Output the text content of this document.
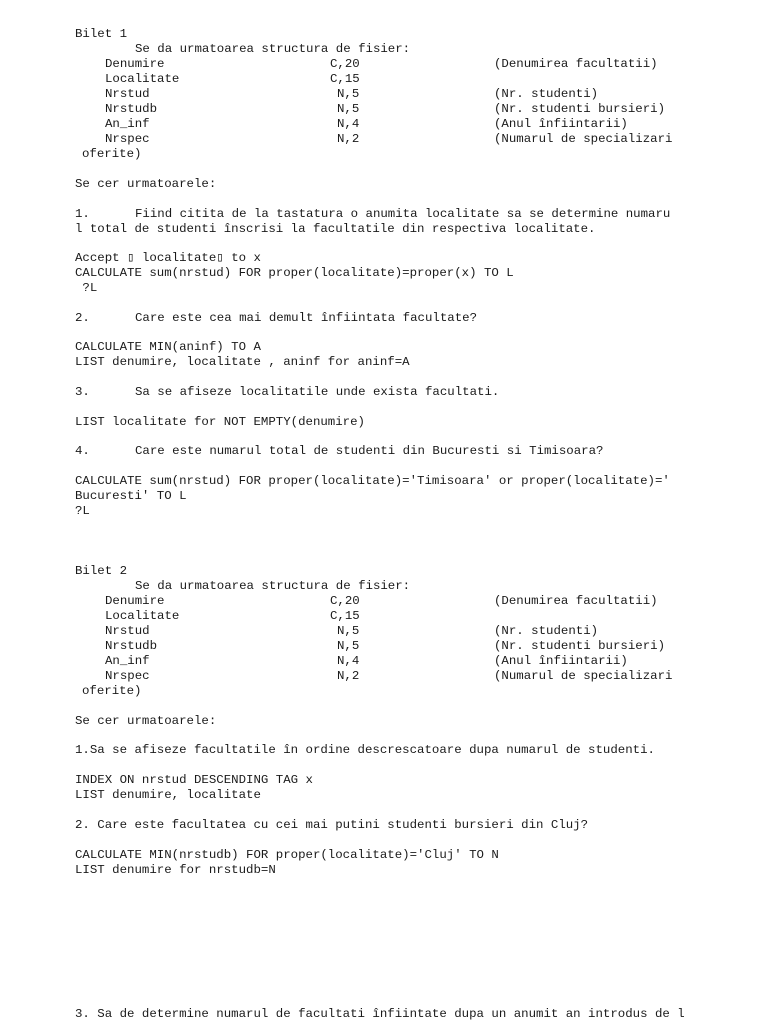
Bilet 1
Se da urmatoarea structura de fisier:
Denumire	C,20	(Denumirea facultatii)
Localitate	C,15
Nrstud	N,5	(Nr. studenti)
Nrstudb	N,5	(Nr. studenti bursieri)
An_inf	N,4	(Anul înfiintarii)
Nrspec	N,2	(Numarul de specializari
oferite)
Se cer urmatoarele:
1.	Fiind citita de la tastatura o anumita localitate sa se determine numaru
l total de studenti înscrisi la facultatile din respectiva localitate.
Accept ▯ localitate▯ to x
CALCULATE sum(nrstud) FOR proper(localitate)=proper(x) TO L
?L
2.	Care este cea mai demult înfiintata facultate?
CALCULATE MIN(aninf) TO A
LIST denumire, localitate , aninf for aninf=A
3.	Sa se afiseze localitatile unde exista facultati.
LIST localitate for NOT EMPTY(denumire)
4.	Care este numarul total de studenti din Bucuresti si Timisoara?
CALCULATE sum(nrstud) FOR proper(localitate)='Timisoara' or proper(localitate)='
Bucuresti' TO L
?L
Bilet 2
Se da urmatoarea structura de fisier:
Denumire	C,20	(Denumirea facultatii)
Localitate	C,15
Nrstud	N,5	(Nr. studenti)
Nrstudb	N,5	(Nr. studenti bursieri)
An_inf	N,4	(Anul înfiintarii)
Nrspec	N,2	(Numarul de specializari
oferite)
Se cer urmatoarele:
1.Sa se afiseze facultatile în ordine descrescatoare dupa numarul de studenti.
INDEX ON nrstud DESCENDING TAG x
LIST denumire, localitate
2. Care este facultatea cu cei mai putini studenti bursieri din Cluj?
CALCULATE MIN(nrstudb) FOR proper(localitate)='Cluj' TO N
LIST denumire for nrstudb=N
3. Sa de determine numarul de facultati înfiintate dupa un anumit an introdus de l
